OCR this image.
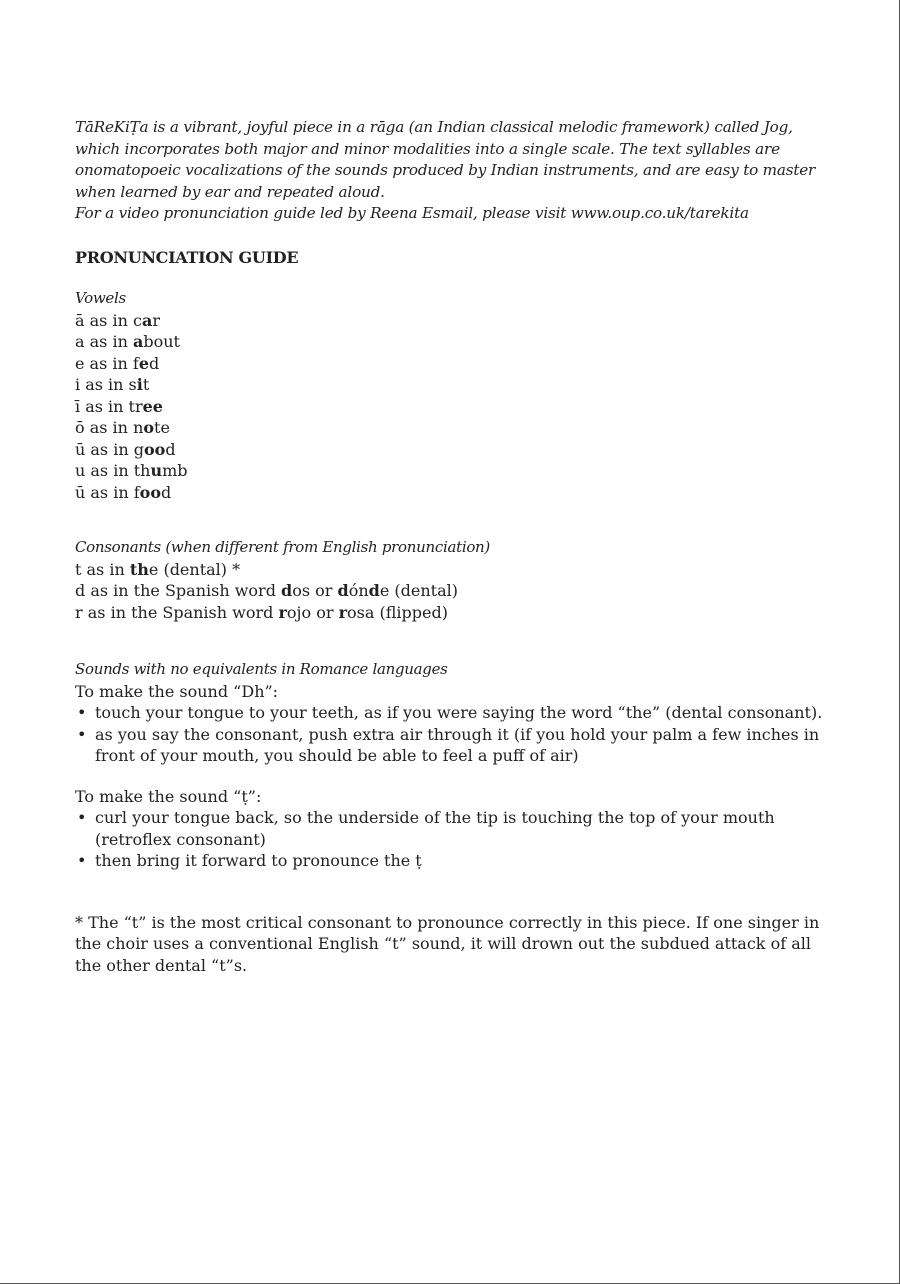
TāReKiṬa is a vibrant, joyful piece in a rāga (an Indian classical melodic framework) called Jog, which incorporates both major and minor modalities into a single scale. The text syllables are onomatopoeic vocalizations of the sounds produced by Indian instruments, and are easy to master when learned by ear and repeated aloud.

For a video pronunciation guide led by Reena Esmail, please visit www.oup.co.uk/tarekita

PRONUNCIATION GUIDE
Vowels
ā as in car
a as in about
e as in fed
i as in sit
ī as in tree
ō as in note
ū as in good
u as in thumb
ū as in food
Consonants (when different from English pronunciation)
t as in the (dental) *
d as in the Spanish word dos or dónde (dental)
r as in the Spanish word rojo or rosa (flipped)
Sounds with no equivalents in Romance languages
To make the sound “Dh”:
• touch your tongue to your teeth, as if you were saying the word “the” (dental consonant).
• as you say the consonant, push extra air through it (if you hold your palm a few inches in front of your mouth, you should be able to feel a puff of air)
To make the sound “ṭ”:
• curl your tongue back, so the underside of the tip is touching the top of your mouth (retroflex consonant)
• then bring it forward to pronounce the ṭ
* The “t” is the most critical consonant to pronounce correctly in this piece. If one singer in the choir uses a conventional English “t” sound, it will drown out the subdued attack of all the other dental “t”s.
